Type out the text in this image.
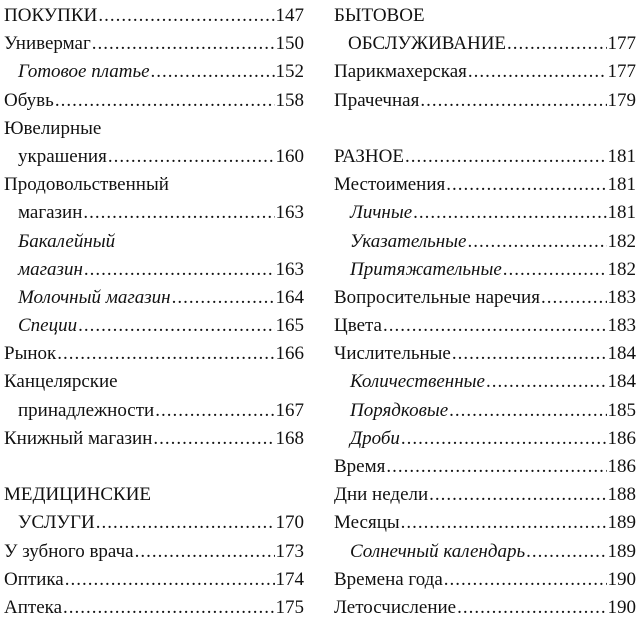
ПОКУПКИ .....	147
Универмаг .....	150
Готовое платье .....	152
Обувь .....	158
Ювелирные
украшения .....	160
Продовольственный
магазин .....	163
Бакалейный
магазин .....	163
Молочный магазин .....	164
Специи .....	165
Рынок .....	166
Канцелярские
принадлежности .....	167
Книжный магазин .....	168
МЕДИЦИНСКИЕ
УСЛУГИ .....	170
У зубного врача .....	173
Оптика .....	174
Аптека .....	175
БЫТОВОЕ
ОБСЛУЖИВАНИЕ .....	177
Парикмахерская .....	177
Прачечная .....	179
РАЗНОЕ .....	181
Местоимения .....	181
Личные .....	181
Указательные .....	182
Притяжательные .....	182
Вопросительные наречия .....	183
Цвета .....	183
Числительные .....	184
Количественные .....	184
Порядковые .....	185
Дроби .....	186
Время .....	186
Дни недели .....	188
Месяцы .....	189
Солнечный календарь .....	189
Времена года .....	190
Летосчисление .....	190
